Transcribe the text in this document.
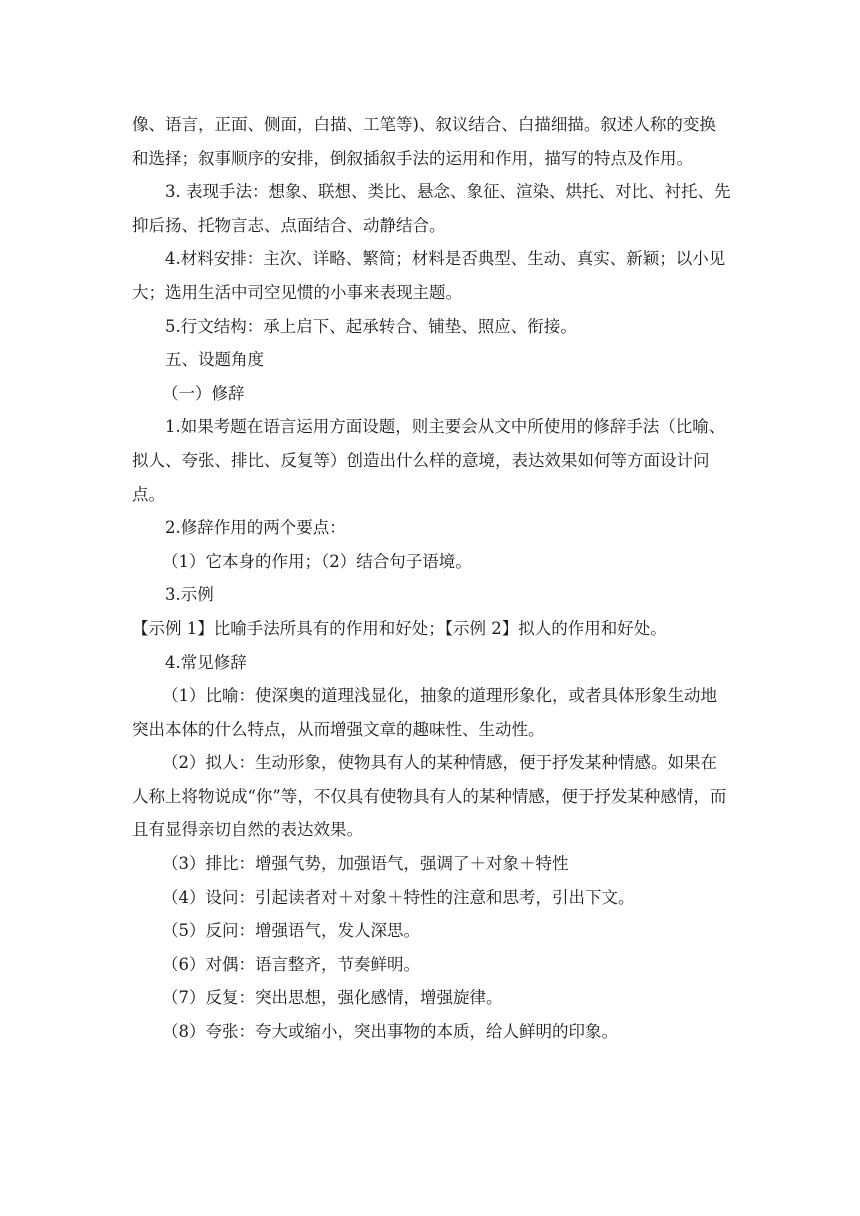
像、语言，正面、侧面，白描、工笔等)、叙议结合、白描细描。叙述人称的变换和选择；叙事顺序的安排，倒叙插叙手法的运用和作用，描写的特点及作用。

3. 表现手法：想象、联想、类比、悬念、象征、渲染、烘托、对比、衬托、先抑后扬、托物言志、点面结合、动静结合。

4.材料安排：主次、详略、繁简；材料是否典型、生动、真实、新颖；以小见大；选用生活中司空见惯的小事来表现主题。

5.行文结构：承上启下、起承转合、铺垫、照应、衔接。

五、设题角度

（一）修辞

1.如果考题在语言运用方面设题，则主要会从文中所使用的修辞手法（比喻、拟人、夸张、排比、反复等）创造出什么样的意境，表达效果如何等方面设计问点。

2.修辞作用的两个要点：

（1）它本身的作用；（2）结合句子语境。

3.示例

【示例 1】比喻手法所具有的作用和好处；【示例 2】拟人的作用和好处。

4.常见修辞

（1）比喻：使深奥的道理浅显化，抽象的道理形象化，或者具体形象生动地突出本体的什么特点，从而增强文章的趣味性、生动性。

（2）拟人：生动形象，使物具有人的某种情感，便于抒发某种情感。如果在人称上将物说成“你”等，不仅具有使物具有人的某种情感，便于抒发某种感情，而且有显得亲切自然的表达效果。

（3）排比：增强气势，加强语气，强调了＋对象＋特性

（4）设问：引起读者对＋对象＋特性的注意和思考，引出下文。

（5）反问：增强语气，发人深思。

（6）对偶：语言整齐，节奏鲜明。

（7）反复：突出思想，强化感情，增强旋律。

（8）夸张：夸大或缩小，突出事物的本质，给人鲜明的印象。
